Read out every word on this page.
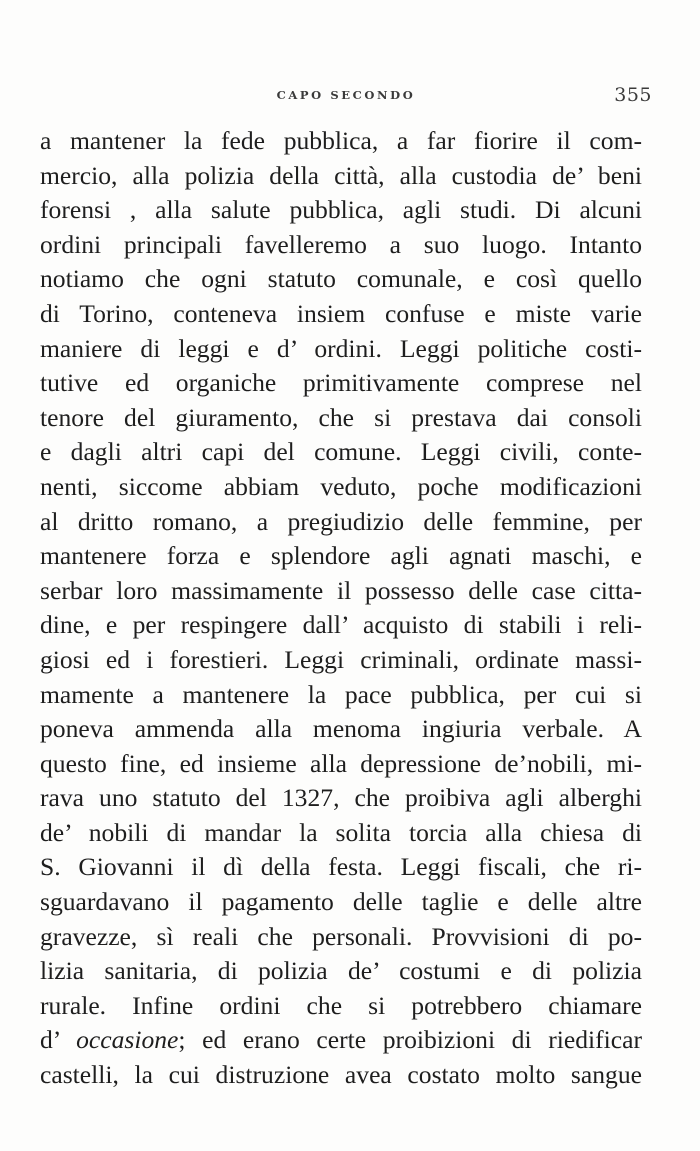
CAPO SECONDO	355
a mantener la fede pubblica, a far fiorire il com-
mercio, alla polizia della città, alla custodia de’ beni
forensi , alla salute pubblica, agli studi. Di alcuni
ordini principali favelleremo a suo luogo. Intanto
notiamo che ogni statuto comunale, e così quello
di Torino, conteneva insiem confuse e miste varie
maniere di leggi e d’ ordini. Leggi politiche costi-
tutive ed organiche primitivamente comprese nel
tenore del giuramento, che si prestava dai consoli
e dagli altri capi del comune. Leggi civili, conte-
nenti, siccome abbiam veduto, poche modificazioni
al dritto romano, a pregiudizio delle femmine, per
mantenere forza e splendore agli agnati maschi, e
serbar loro massimamente il possesso delle case citta-
dine, e per respingere dall’ acquisto di stabili i reli-
giosi ed i forestieri. Leggi criminali, ordinate massi-
mamente a mantenere la pace pubblica, per cui si
poneva ammenda alla menoma ingiuria verbale. A
questo fine, ed insieme alla depressione de’nobili, mi-
rava uno statuto del 1327, che proibiva agli alberghi
de’ nobili di mandar la solita torcia alla chiesa di
S. Giovanni il dì della festa. Leggi fiscali, che ri-
sguardavano il pagamento delle taglie e delle altre
gravezze, sì reali che personali. Provvisioni di po-
lizia sanitaria, di polizia de’ costumi e di polizia
rurale. Infine ordini che si potrebbero chiamare
d’ occasione; ed erano certe proibizioni di riedificar
castelli, la cui distruzione avea costato molto sangue
